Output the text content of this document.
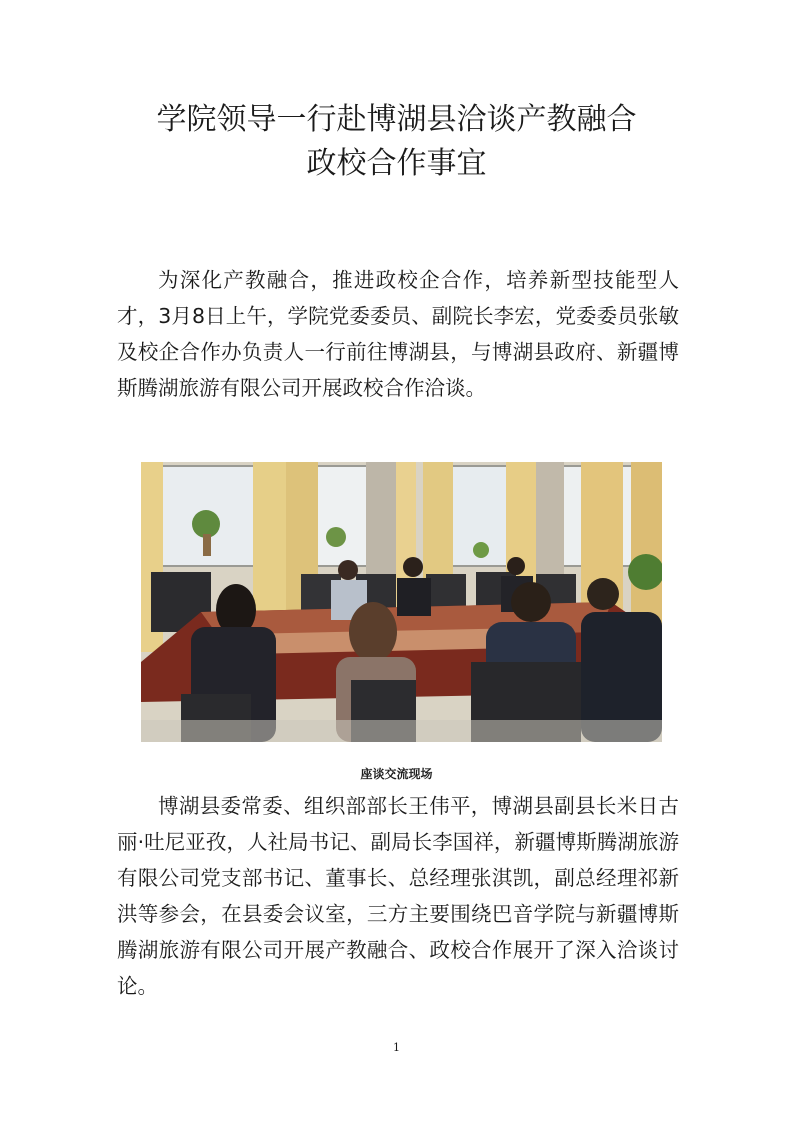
学院领导一行赴博湖县洽谈产教融合
政校合作事宜

为深化产教融合，推进政校企合作，培养新型技能型人才，3月8日上午，学院党委委员、副院长李宏，党委委员张敏及校企合作办负责人一行前往博湖县，与博湖县政府、新疆博斯腾湖旅游有限公司开展政校合作洽谈。

座谈交流现场

博湖县委常委、组织部部长王伟平，博湖县副县长米日古丽·吐尼亚孜，人社局书记、副局长李国祥，新疆博斯腾湖旅游有限公司党支部书记、董事长、总经理张淇凯，副总经理祁新洪等参会，在县委会议室，三方主要围绕巴音学院与新疆博斯腾湖旅游有限公司开展产教融合、政校合作展开了深入洽谈讨论。

1
